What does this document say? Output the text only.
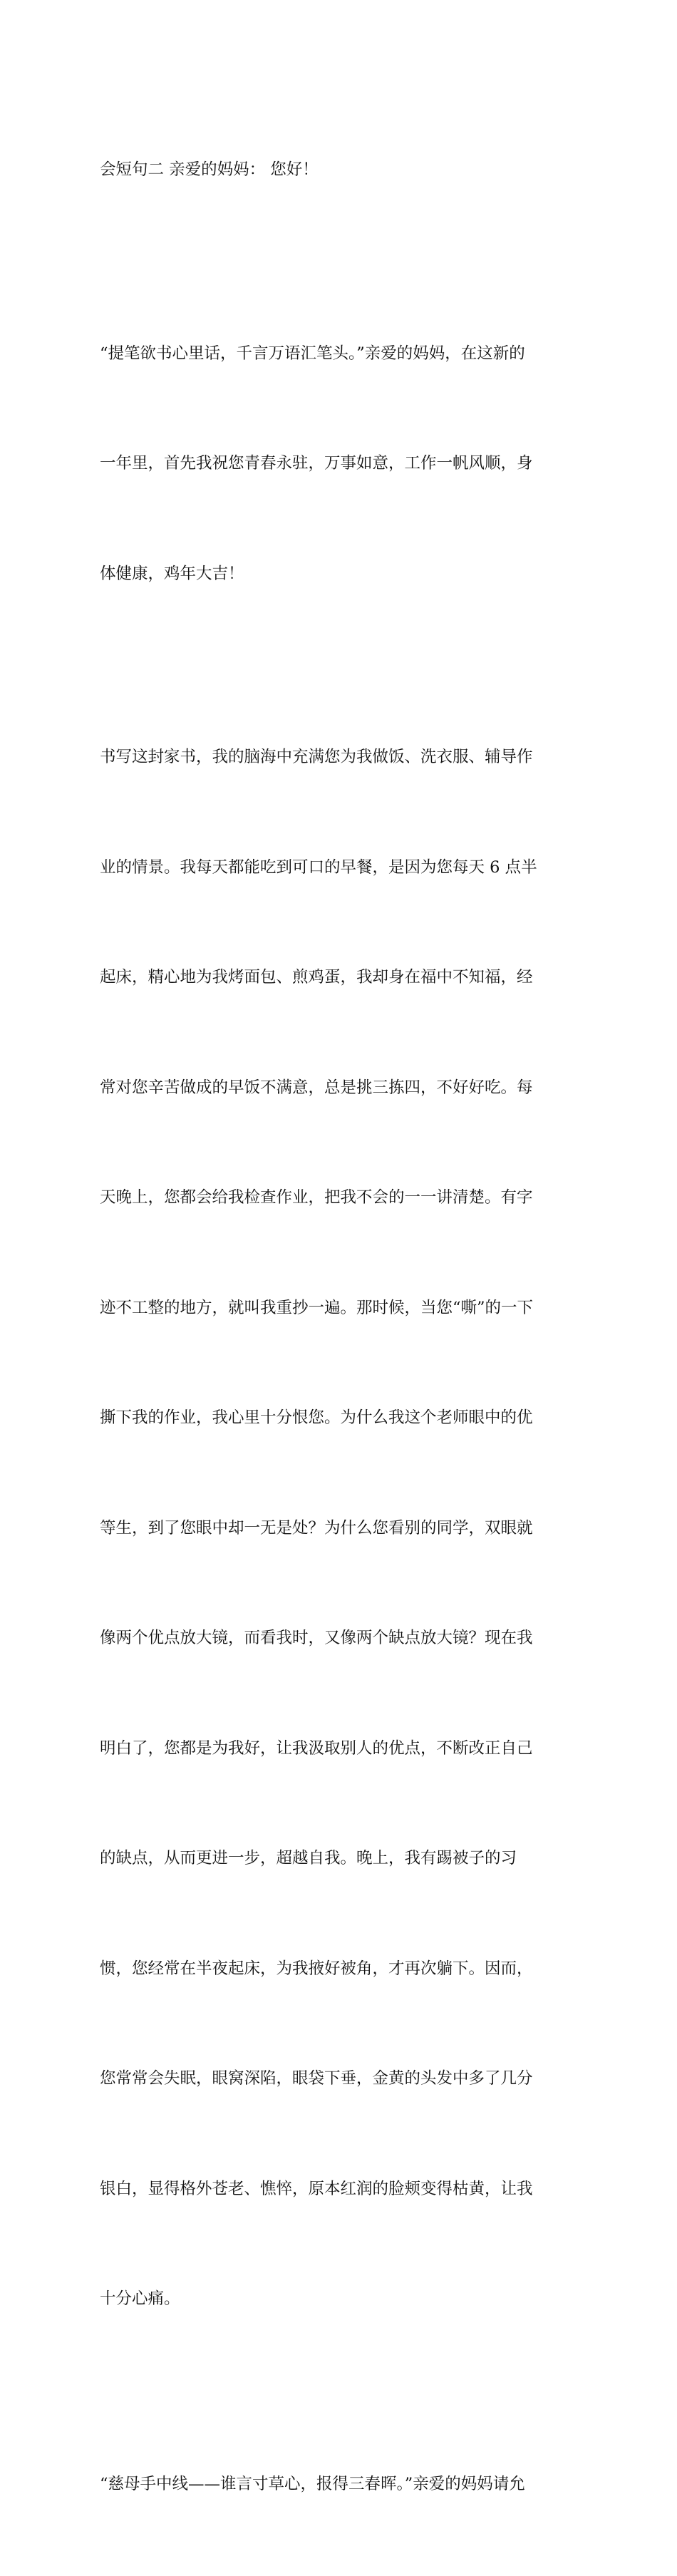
会短句二 亲爱的妈妈： 您好！

“提笔欲书心里话，千言万语汇笔头。”亲爱的妈妈，在这新的

一年里，首先我祝您青春永驻，万事如意，工作一帆风顺，身

体健康，鸡年大吉！

书写这封家书，我的脑海中充满您为我做饭、洗衣服、辅导作

业的情景。我每天都能吃到可口的早餐，是因为您每天 6 点半

起床，精心地为我烤面包、煎鸡蛋，我却身在福中不知福，经

常对您辛苦做成的早饭不满意，总是挑三拣四，不好好吃。每

天晚上，您都会给我检查作业，把我不会的一一讲清楚。有字

迹不工整的地方，就叫我重抄一遍。那时候，当您“嘶”的一下

撕下我的作业，我心里十分恨您。为什么我这个老师眼中的优

等生，到了您眼中却一无是处？为什么您看别的同学，双眼就

像两个优点放大镜，而看我时，又像两个缺点放大镜？现在我

明白了，您都是为我好，让我汲取别人的优点，不断改正自己

的缺点，从而更进一步，超越自我。晚上，我有踢被子的习

惯，您经常在半夜起床，为我掖好被角，才再次躺下。因而，

您常常会失眠，眼窝深陷，眼袋下垂，金黄的头发中多了几分

银白，显得格外苍老、憔悴，原本红润的脸颊变得枯黄，让我

十分心痛。

“慈母手中线——谁言寸草心，报得三春晖。”亲爱的妈妈请允
